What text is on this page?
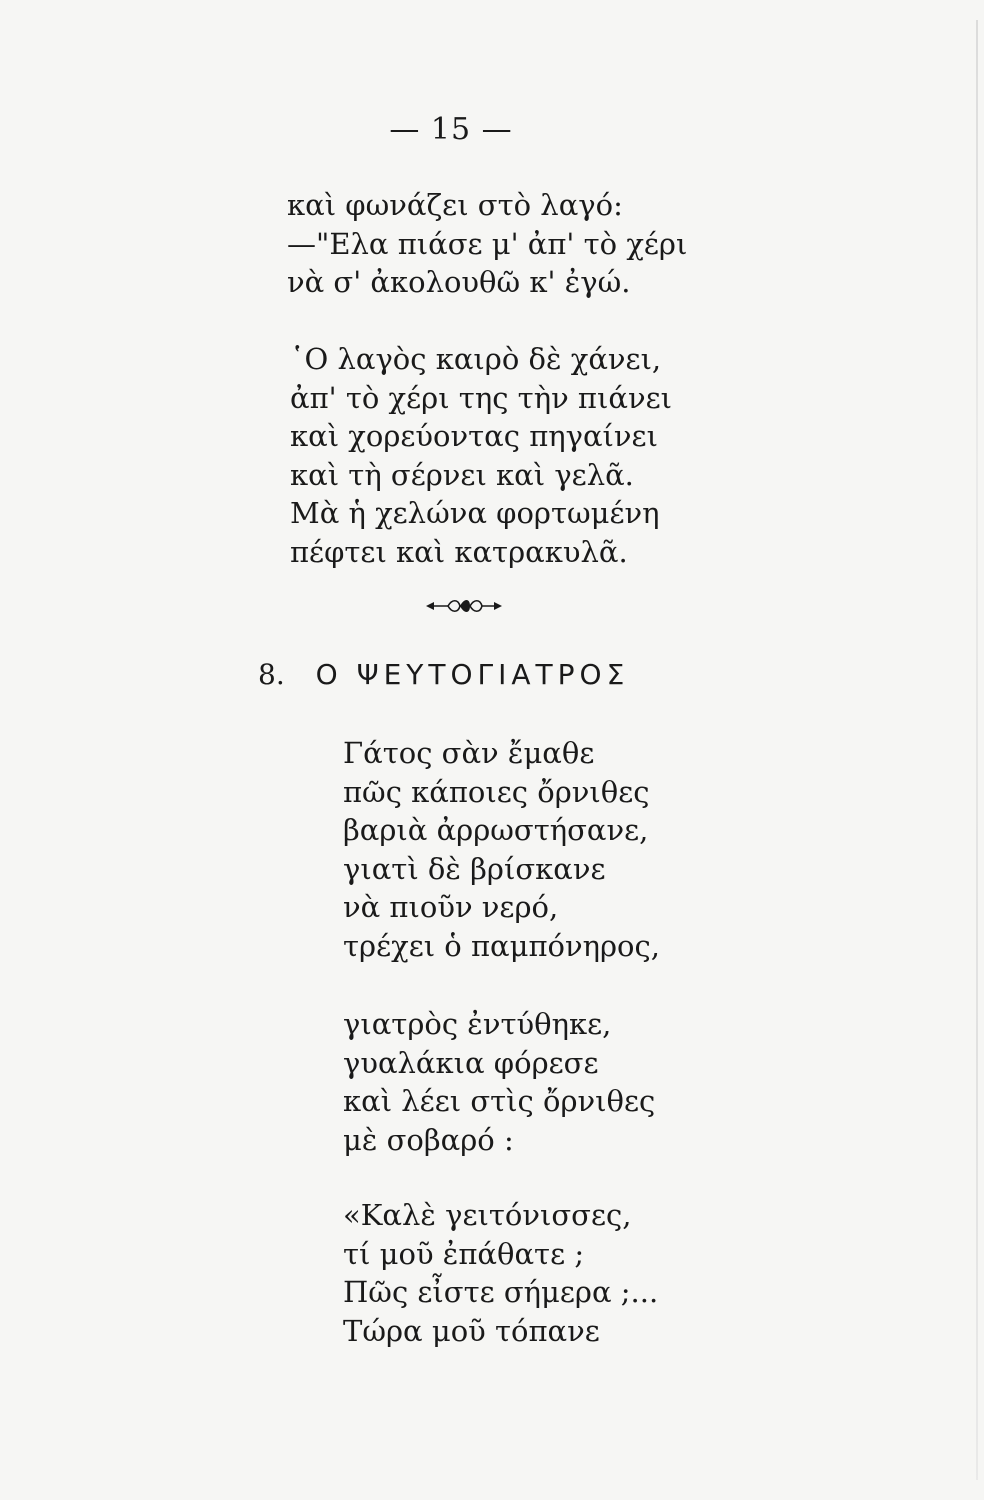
— 15 —
καὶ φωνάζει στὸ λαγό:
—"Ελα πιάσε μ' ἀπ' τὸ χέρι
νὰ σ' ἀκολουθῶ κ' ἐγώ.
῾Ο λαγὸς καιρὸ δὲ χάνει,
ἀπ' τὸ χέρι της τὴν πιάνει
καὶ χορεύοντας πηγαίνει
καὶ τὴ σέρνει καὶ γελᾶ.
Μὰ ἡ χελώνα φορτωμένη
πέφτει καὶ κατρακυλᾶ.
8. Ο ΨΕΥΤΟΓΙΑΤΡΟΣ
Γάτος σὰν ἔμαθε
πῶς κάποιες ὄρνιθες
βαριὰ ἀρρωστήσανε,
γιατὶ δὲ βρίσκανε
νὰ πιοῦν νερό,
τρέχει ὁ παμπόνηρος,
γιατρὸς ἐντύθηκε,
γυαλάκια φόρεσε
καὶ λέει στὶς ὄρνιθες
μὲ σοβαρό :
«Καλὲ γειτόνισσες,
τί μοῦ ἐπάθατε ;
Πῶς εἶστε σήμερα ;...
Τώρα μοῦ τόπανε
